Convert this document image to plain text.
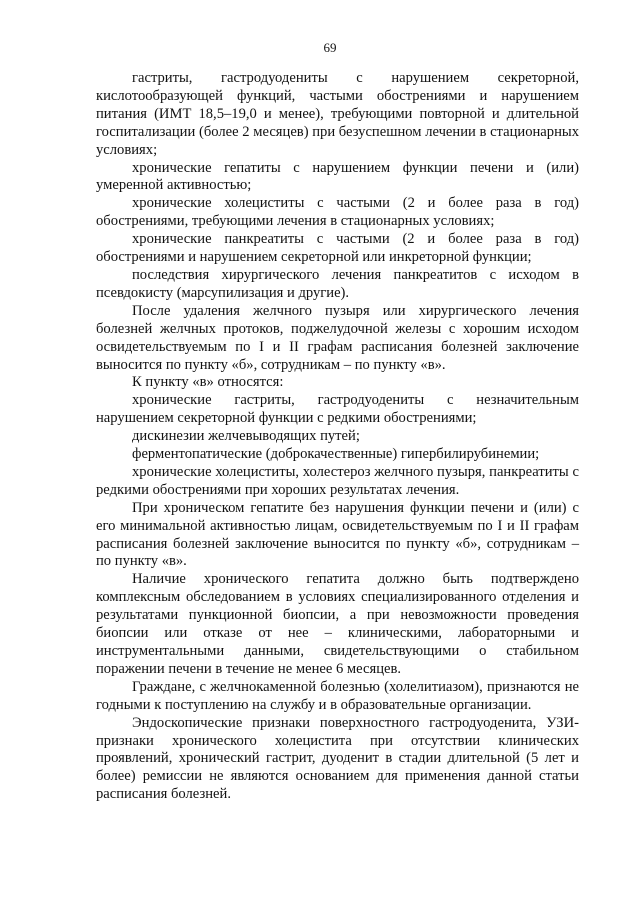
69

гастриты, гастродуодениты с нарушением секреторной, кислотообразующей функций, частыми обострениями и нарушением питания (ИМТ 18,5–19,0 и менее), требующими повторной и длительной госпитализации (более 2 месяцев) при безуспешном лечении в стационарных условиях;

хронические гепатиты с нарушением функции печени и (или) умеренной активностью;

хронические холециститы с частыми (2 и более раза в год) обострениями, требующими лечения в стационарных условиях;

хронические панкреатиты с частыми (2 и более раза в год) обострениями и нарушением секреторной или инкреторной функции;

последствия хирургического лечения панкреатитов с исходом в псевдокисту (марсупилизация и другие).

После удаления желчного пузыря или хирургического лечения болезней желчных протоков, поджелудочной железы с хорошим исходом освидетельствуемым по I и II графам расписания болезней заключение выносится по пункту «б», сотрудникам – по пункту «в».

К пункту «в» относятся:

хронические гастриты, гастродуодениты с незначительным нарушением секреторной функции с редкими обострениями;

дискинезии желчевыводящих путей;

ферментопатические (доброкачественные) гипербилирубинемии;

хронические холециститы, холестероз желчного пузыря, панкреатиты с редкими обострениями при хороших результатах лечения.

При хроническом гепатите без нарушения функции печени и (или) с его минимальной активностью лицам, освидетельствуемым по I и II графам расписания болезней заключение выносится по пункту «б», сотрудникам – по пункту «в».

Наличие хронического гепатита должно быть подтверждено комплексным обследованием в условиях специализированного отделения и результатами пункционной биопсии, а при невозможности проведения биопсии или отказе от нее – клиническими, лабораторными и инструментальными данными, свидетельствующими о стабильном поражении печени в течение не менее 6 месяцев.

Граждане, с желчнокаменной болезнью (холелитиазом), признаются не годными к поступлению на службу и в образовательные организации.

Эндоскопические признаки поверхностного гастродуоденита, УЗИ-признаки хронического холецистита при отсутствии клинических проявлений, хронический гастрит, дуоденит в стадии длительной (5 лет и более) ремиссии не являются основанием для применения данной статьи расписания болезней.
